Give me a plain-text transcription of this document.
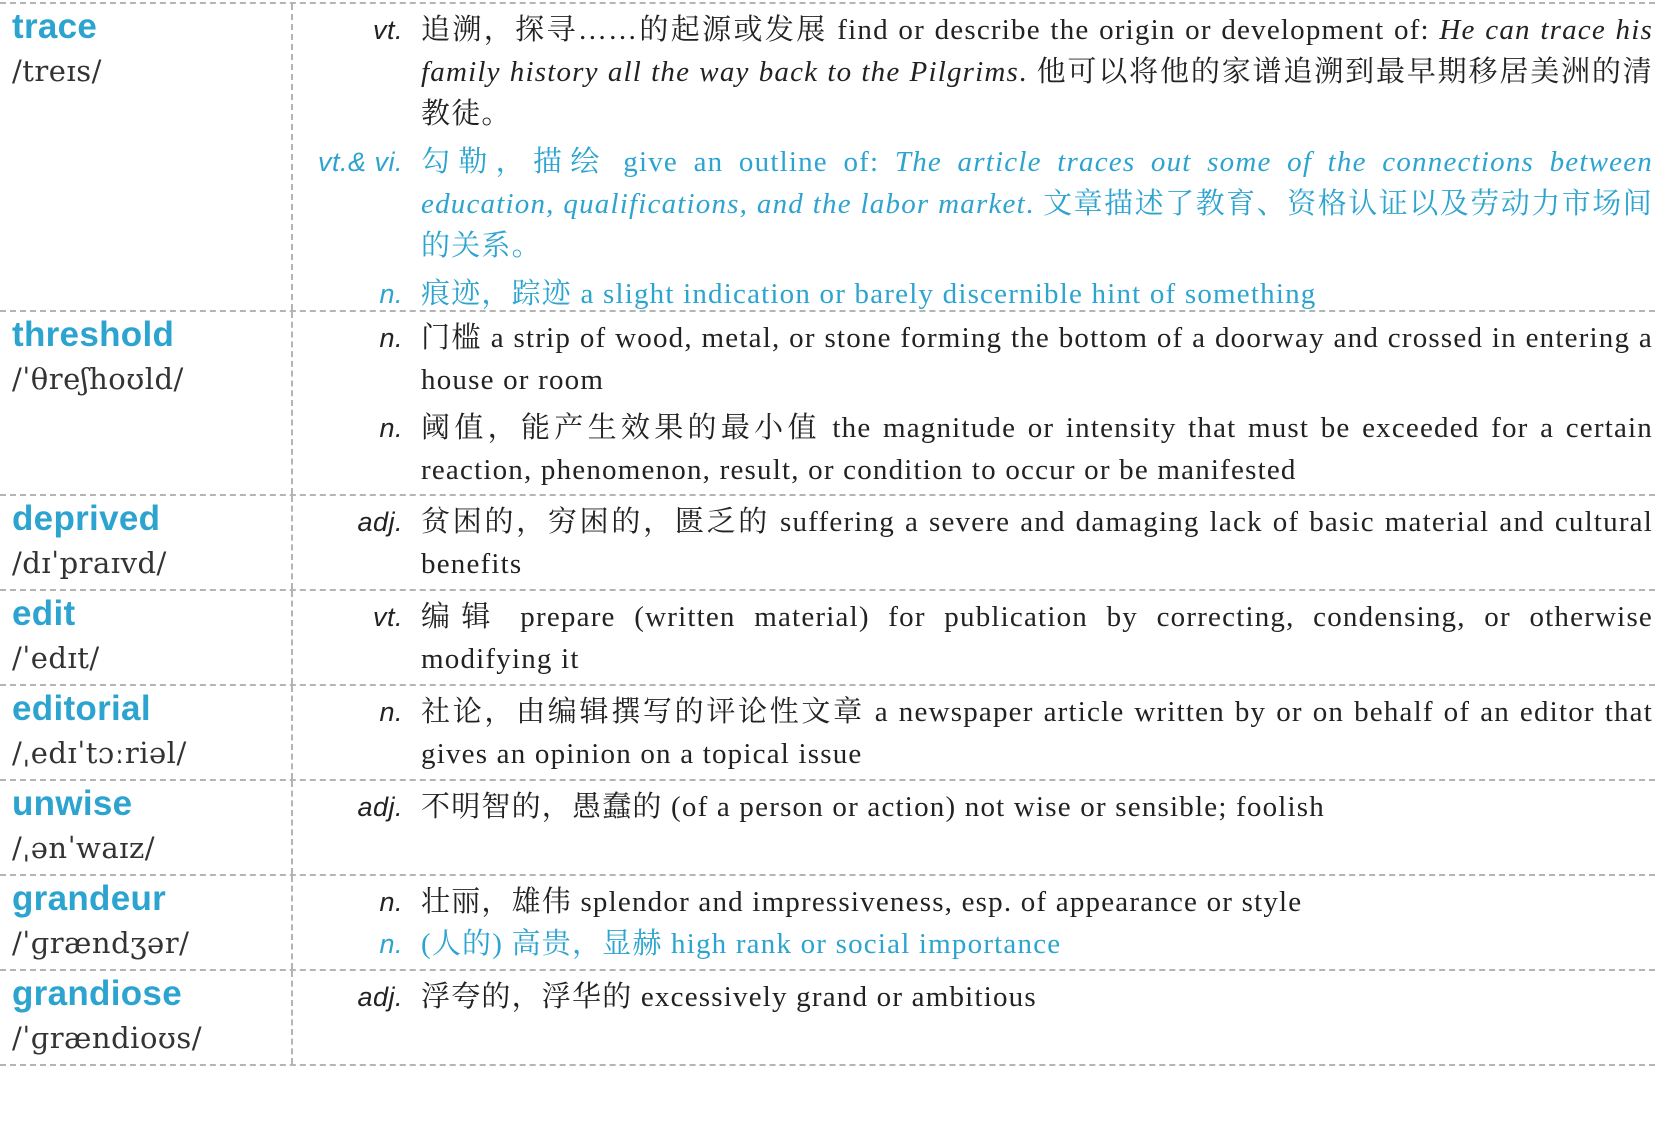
trace
/treɪs/
vt. 追溯，探寻……的起源或发展 find or describe the origin or development of: He can trace his family history all the way back to the Pilgrims. 他可以将他的家谱追溯到最早期移居美洲的清教徒。
vt.& vi. 勾勒，描绘 give an outline of: The article traces out some of the connections between education, qualifications, and the labor market. 文章描述了教育、资格认证以及劳动力市场间的关系。
n. 痕迹，踪迹 a slight indication or barely discernible hint of something
threshold
/ˈθreʃhoʊld/
n. 门槛 a strip of wood, metal, or stone forming the bottom of a doorway and crossed in entering a house or room
n. 阈值，能产生效果的最小值 the magnitude or intensity that must be exceeded for a certain reaction, phenomenon, result, or condition to occur or be manifested
deprived
/dɪˈpraɪvd/
adj. 贫困的，穷困的，匮乏的 suffering a severe and damaging lack of basic material and cultural benefits
edit
/ˈedɪt/
vt. 编辑 prepare (written material) for publication by correcting, condensing, or otherwise modifying it
editorial
/ˌedɪˈtɔːriəl/
n. 社论，由编辑撰写的评论性文章 a newspaper article written by or on behalf of an editor that gives an opinion on a topical issue
unwise
/ˌənˈwaɪz/
adj. 不明智的，愚蠢的 (of a person or action) not wise or sensible; foolish
grandeur
/ˈɡrændʒər/
n. 壮丽，雄伟 splendor and impressiveness, esp. of appearance or style
n. (人的) 高贵，显赫 high rank or social importance
grandiose
/ˈɡrændioʊs/
adj. 浮夸的，浮华的 excessively grand or ambitious
